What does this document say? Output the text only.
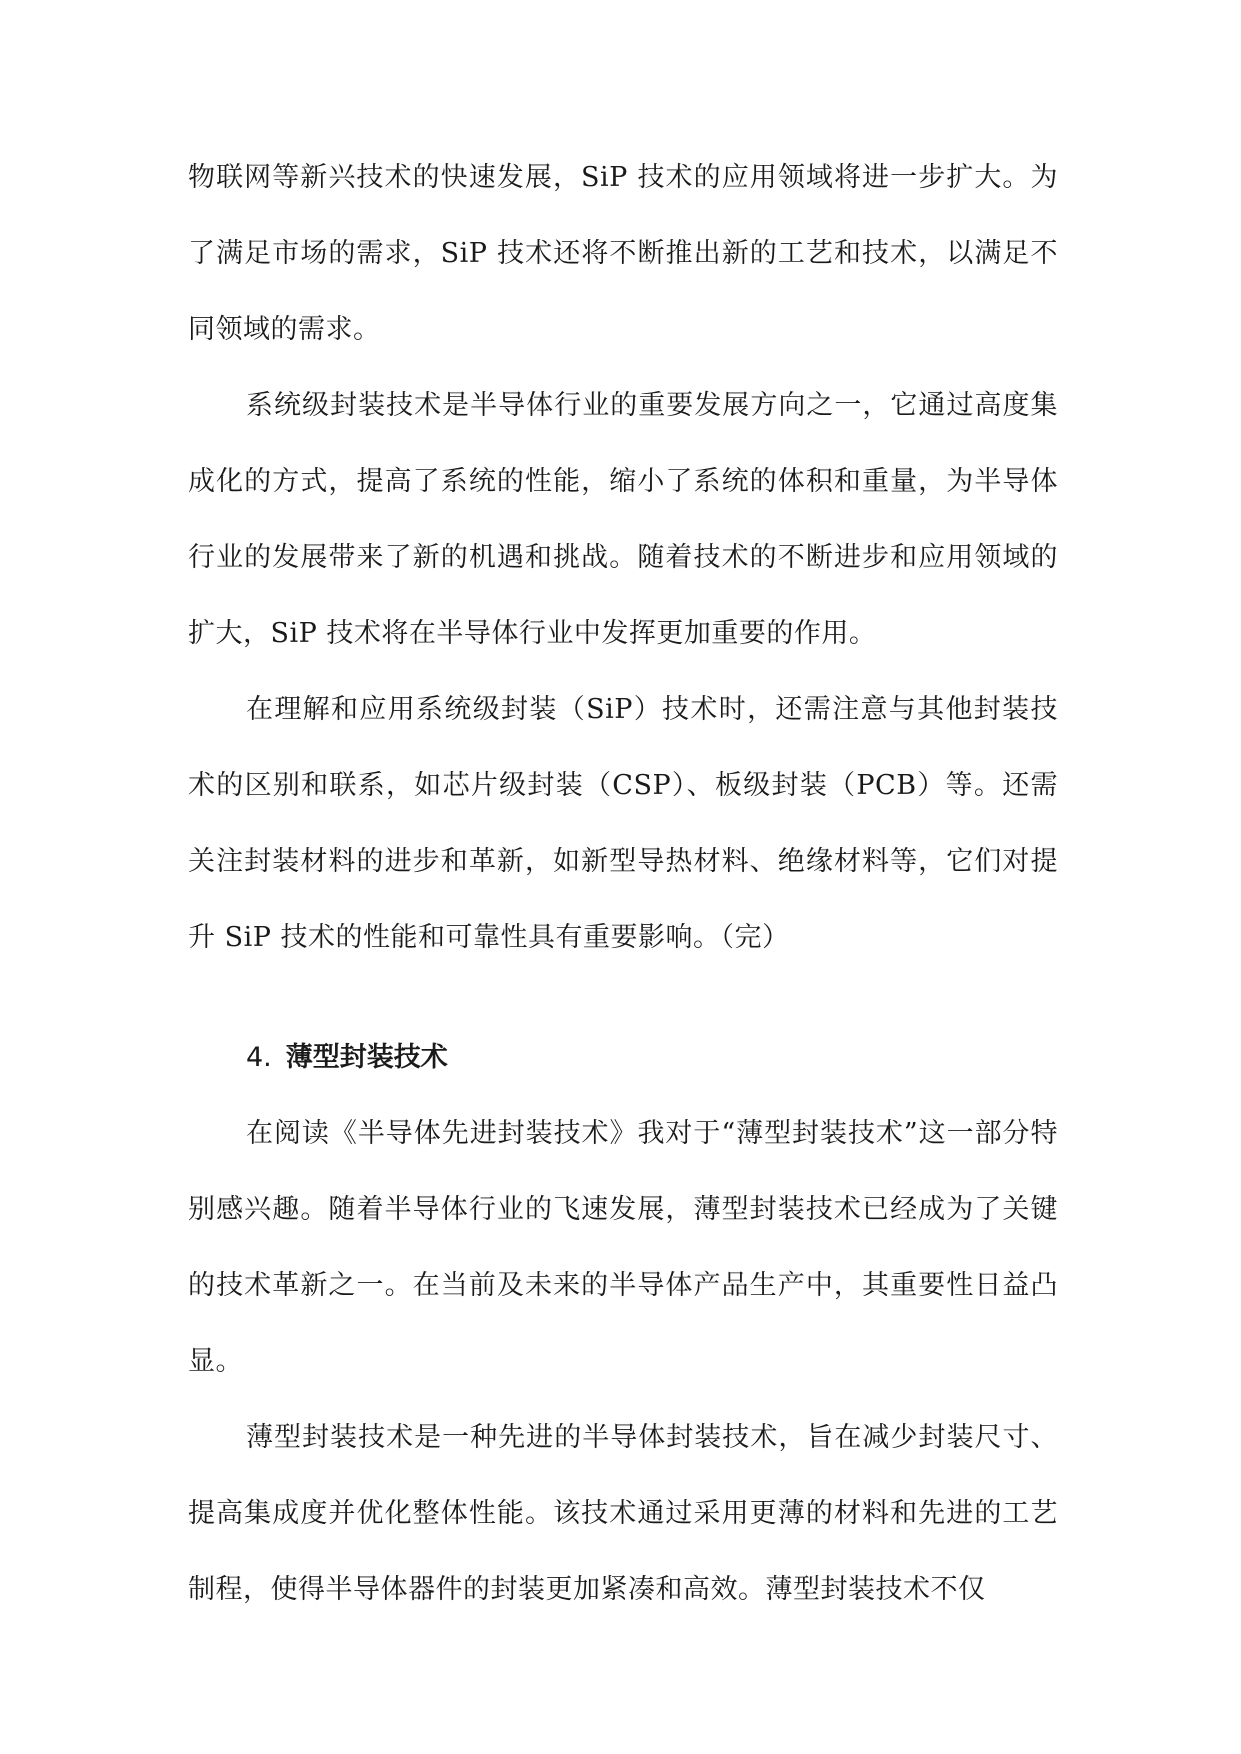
物联网等新兴技术的快速发展，SiP 技术的应用领域将进一步扩大。为了满足市场的需求，SiP 技术还将不断推出新的工艺和技术，以满足不同领域的需求。

系统级封装技术是半导体行业的重要发展方向之一，它通过高度集成化的方式，提高了系统的性能，缩小了系统的体积和重量，为半导体行业的发展带来了新的机遇和挑战。随着技术的不断进步和应用领域的扩大，SiP 技术将在半导体行业中发挥更加重要的作用。

在理解和应用系统级封装（SiP）技术时，还需注意与其他封装技术的区别和联系，如芯片级封装（CSP）、板级封装（PCB）等。还需关注封装材料的进步和革新，如新型导热材料、绝缘材料等，它们对提升 SiP 技术的性能和可靠性具有重要影响。（完）

4. 薄型封装技术

在阅读《半导体先进封装技术》我对于“薄型封装技术”这一部分特别感兴趣。随着半导体行业的飞速发展，薄型封装技术已经成为了关键的技术革新之一。在当前及未来的半导体产品生产中，其重要性日益凸显。

薄型封装技术是一种先进的半导体封装技术，旨在减少封装尺寸、提高集成度并优化整体性能。该技术通过采用更薄的材料和先进的工艺制程，使得半导体器件的封装更加紧凑和高效。薄型封装技术不仅
